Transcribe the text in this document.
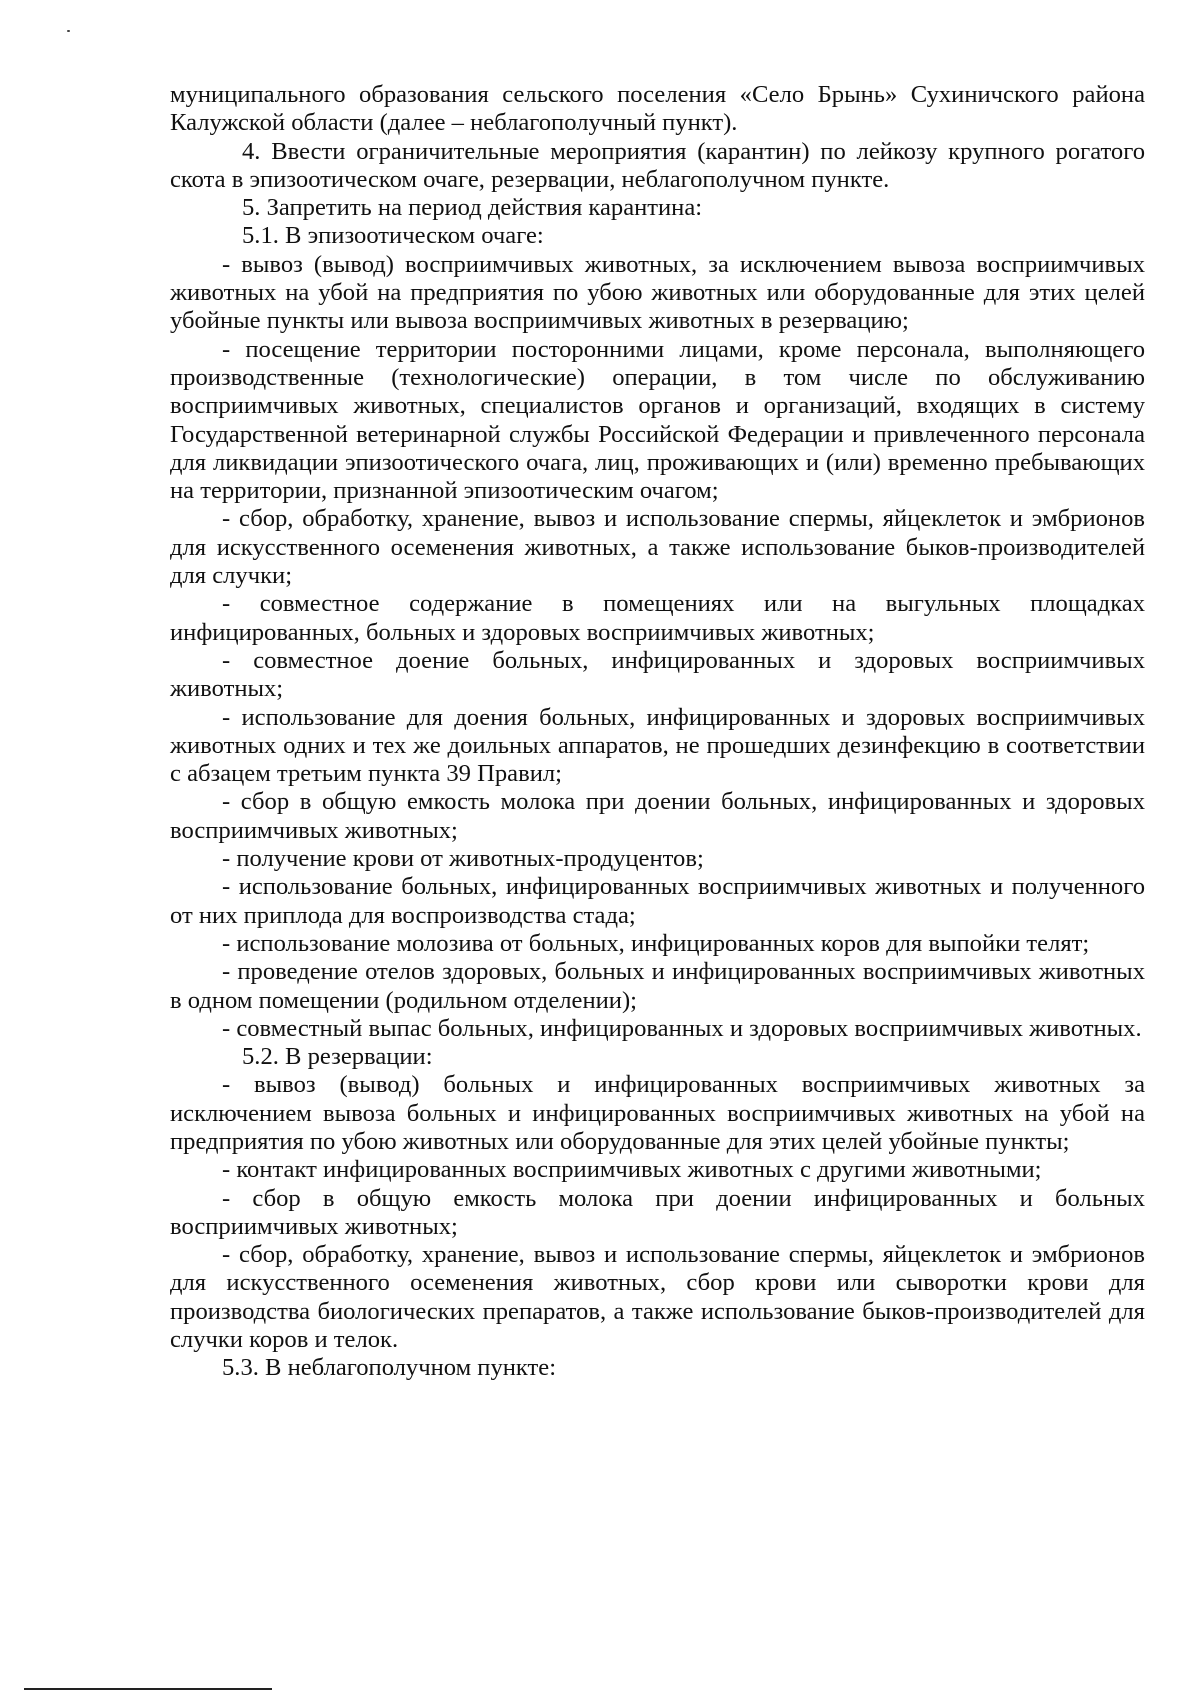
муниципального образования сельского поселения «Село Брынь» Сухиничского района Калужской области (далее – неблагополучный пункт).

4. Ввести ограничительные мероприятия (карантин) по лейкозу крупного рогатого скота в эпизоотическом очаге, резервации, неблагополучном пункте.

5. Запретить на период действия карантина:

5.1. В эпизоотическом очаге:

- вывоз (вывод) восприимчивых животных, за исключением вывоза восприимчивых животных на убой на предприятия по убою животных или оборудованные для этих целей убойные пункты или вывоза восприимчивых животных в резервацию;

- посещение территории посторонними лицами, кроме персонала, выполняющего производственные (технологические) операции, в том числе по обслуживанию восприимчивых животных, специалистов органов и организаций, входящих в систему Государственной ветеринарной службы Российской Федерации и привлеченного персонала для ликвидации эпизоотического очага, лиц, проживающих и (или) временно пребывающих на территории, признанной эпизоотическим очагом;

- сбор, обработку, хранение, вывоз и использование спермы, яйцеклеток и эмбрионов для искусственного осеменения животных, а также использование быков-производителей для случки;

- совместное содержание в помещениях или на выгульных площадках инфицированных, больных и здоровых восприимчивых животных;

- совместное доение больных, инфицированных и здоровых восприимчивых животных;

- использование для доения больных, инфицированных и здоровых восприимчивых животных одних и тех же доильных аппаратов, не прошедших дезинфекцию в соответствии с абзацем третьим пункта 39 Правил;

- сбор в общую емкость молока при доении больных, инфицированных и здоровых восприимчивых животных;

- получение крови от животных-продуцентов;

- использование больных, инфицированных восприимчивых животных и полученного от них приплода для воспроизводства стада;

- использование молозива от больных, инфицированных коров для выпойки телят;

- проведение отелов здоровых, больных и инфицированных восприимчивых животных в одном помещении (родильном отделении);

- совместный выпас больных, инфицированных и здоровых восприимчивых животных.

5.2. В резервации:

- вывоз (вывод) больных и инфицированных восприимчивых животных за исключением вывоза больных и инфицированных восприимчивых животных на убой на предприятия по убою животных или оборудованные для этих целей убойные пункты;

- контакт инфицированных восприимчивых животных с другими животными;

- сбор в общую емкость молока при доении инфицированных и больных восприимчивых животных;

- сбор, обработку, хранение, вывоз и использование спермы, яйцеклеток и эмбрионов для искусственного осеменения животных, сбор крови или сыворотки крови для производства биологических препаратов, а также использование быков-производителей для случки коров и телок.

5.3. В неблагополучном пункте:
